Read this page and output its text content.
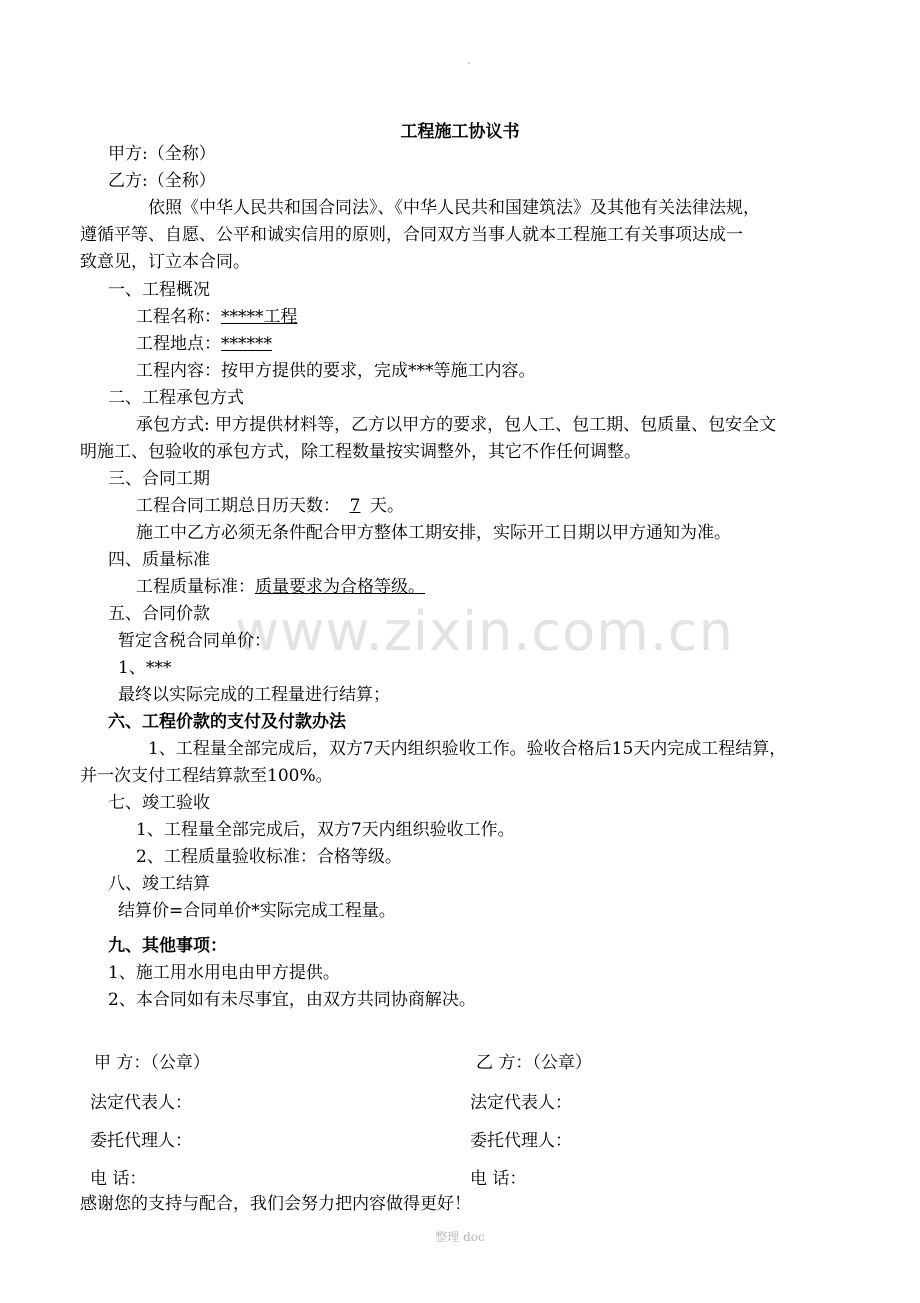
www.zixin.com.cn
工程施工协议书
甲方:（全称）
乙方:（全称）
依照《中华人民共和国合同法》、《中华人民共和国建筑法》及其他有关法律法规，
遵循平等、自愿、公平和诚实信用的原则，合同双方当事人就本工程施工有关事项达成一
致意见，订立本合同。
一、工程概况
工程名称：*****工程
工程地点：******
工程内容：按甲方提供的要求，完成***等施工内容。
二、工程承包方式
承包方式: 甲方提供材料等，乙方以甲方的要求，包人工、包工期、包质量、包安全文
明施工、包验收的承包方式，除工程数量按实调整外，其它不作任何调整。
三、合同工期
工程合同工期总日历天数： 7 天。
施工中乙方必须无条件配合甲方整体工期安排，实际开工日期以甲方通知为准。
四、质量标准
工程质量标准：质量要求为合格等级。
五、合同价款
暂定含税合同单价：
1、***
最终以实际完成的工程量进行结算；
六、工程价款的支付及付款办法
1、工程量全部完成后，双方7天内组织验收工作。验收合格后15天内完成工程结算，
并一次支付工程结算款至100%。
七、竣工验收
1、工程量全部完成后，双方7天内组织验收工作。
2、工程质量验收标准：合格等级。
八、竣工结算
结算价=合同单价*实际完成工程量。
九、其他事项：
1、施工用水用电由甲方提供。
2、本合同如有未尽事宜，由双方共同协商解决。
甲 方：（公章）	乙 方：（公章）
法定代表人：	法定代表人：
委托代理人：	委托代理人：
电 话：	电 话：
感谢您的支持与配合，我们会努力把内容做得更好！
整理 doc
